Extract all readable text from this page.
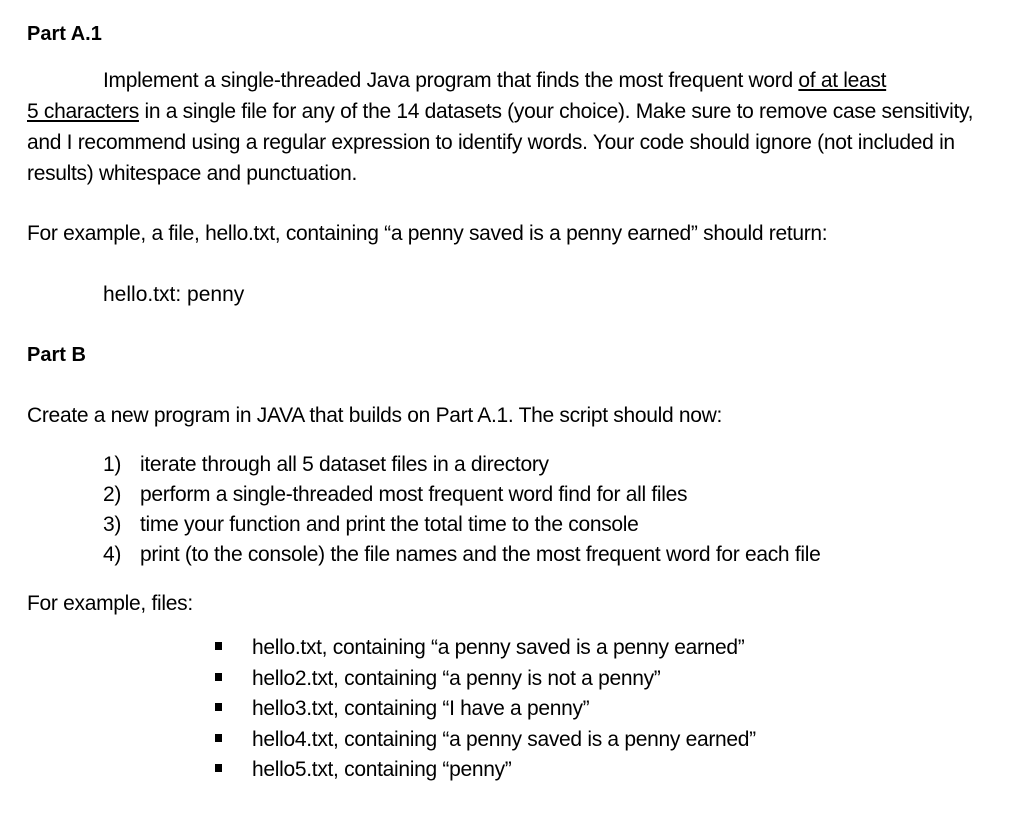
Part A.1

Implement a single-threaded Java program that finds the most frequent word of at least
5 characters in a single file for any of the 14 datasets (your choice). Make sure to remove case sensitivity, and I recommend using a regular expression to identify words. Your code should ignore (not included in results) whitespace and punctuation.

For example, a file, hello.txt, containing “a penny saved is a penny earned” should return:

hello.txt: penny

Part B

Create a new program in JAVA that builds on Part A.1. The script should now:

1) iterate through all 5 dataset files in a directory
2) perform a single-threaded most frequent word find for all files
3) time your function and print the total time to the console
4) print (to the console) the file names and the most frequent word for each file

For example, files:

hello.txt, containing “a penny saved is a penny earned”
hello2.txt, containing “a penny is not a penny”
hello3.txt, containing “I have a penny”
hello4.txt, containing “a penny saved is a penny earned”
hello5.txt, containing “penny”
